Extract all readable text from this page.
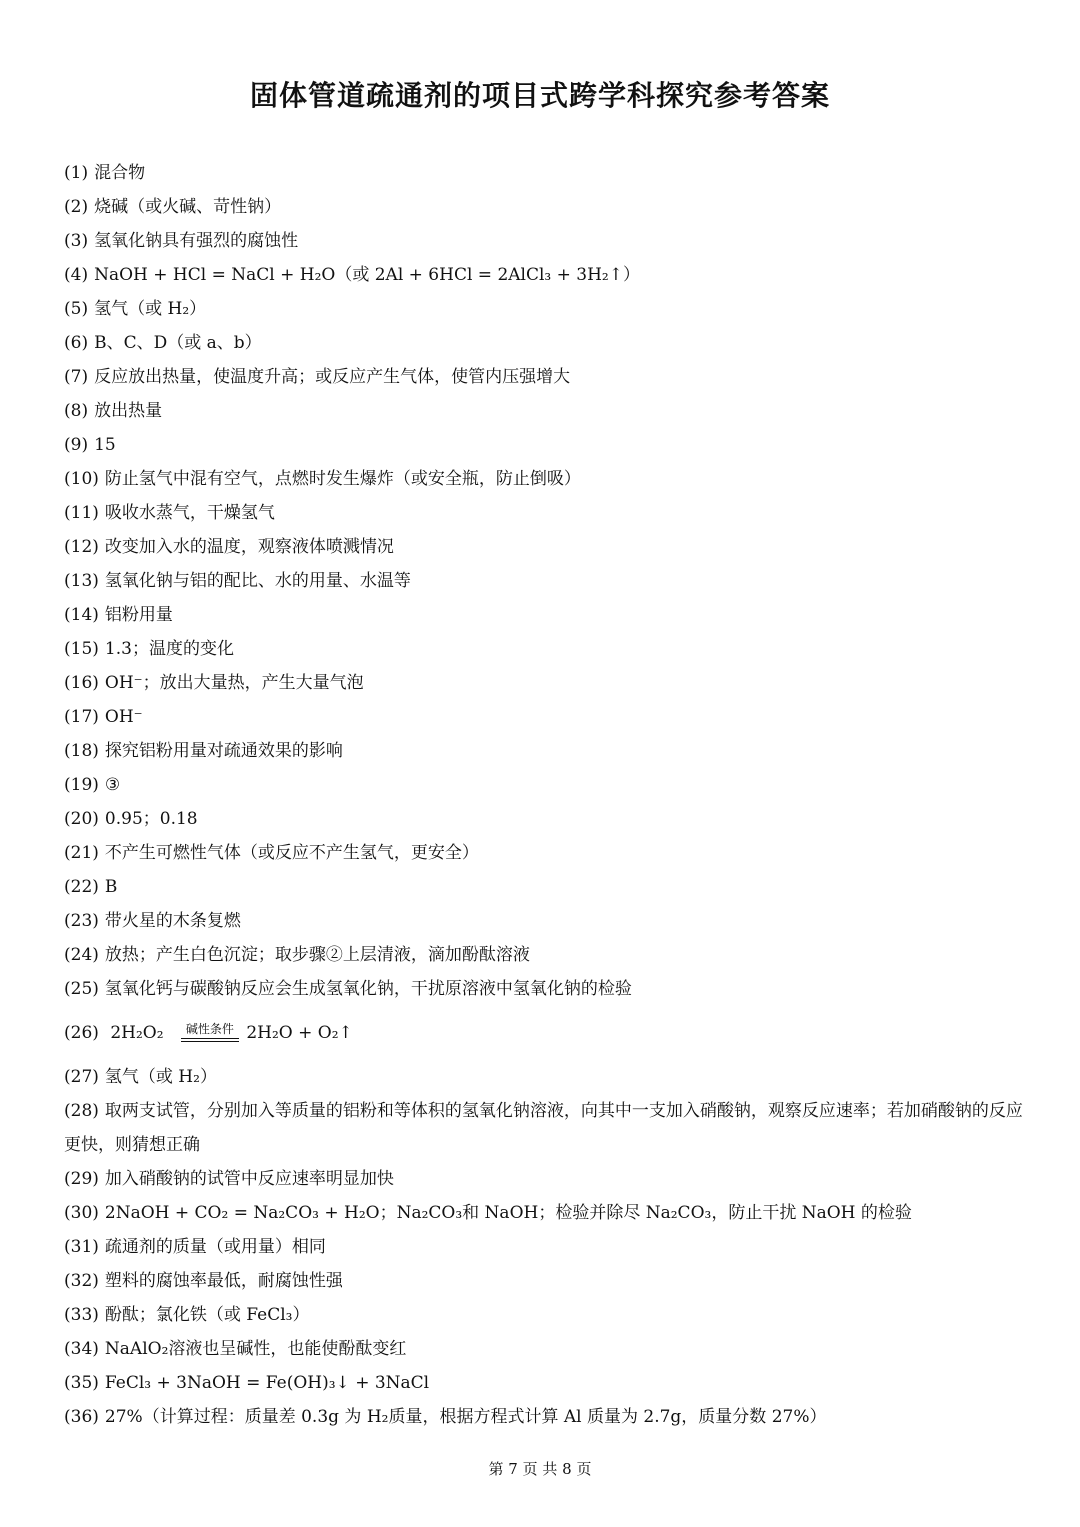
固体管道疏通剂的项目式跨学科探究参考答案
(1) 混合物
(2) 烧碱（或火碱、苛性钠）
(3) 氢氧化钠具有强烈的腐蚀性
(4) NaOH + HCl = NaCl + H₂O（或 2Al + 6HCl = 2AlCl₃ + 3H₂↑）
(5) 氢气（或 H₂）
(6) B、C、D（或 a、b）
(7) 反应放出热量，使温度升高；或反应产生气体，使管内压强增大
(8) 放出热量
(9) 15
(10) 防止氢气中混有空气，点燃时发生爆炸（或安全瓶，防止倒吸）
(11) 吸收水蒸气，干燥氢气
(12) 改变加入水的温度，观察液体喷溅情况
(13) 氢氧化钠与铝的配比、水的用量、水温等
(14) 铝粉用量
(15) 1.3；温度的变化
(16) OH⁻；放出大量热，产生大量气泡
(17) OH⁻
(18) 探究铝粉用量对疏通效果的影响
(19) ③
(20) 0.95；0.18
(21) 不产生可燃性气体（或反应不产生氢气，更安全）
(22) B
(23) 带火星的木条复燃
(24) 放热；产生白色沉淀；取步骤②上层清液，滴加酚酞溶液
(25) 氢氧化钙与碳酸钠反应会生成氢氧化钠，干扰原溶液中氢氧化钠的检验
(26) 2H₂O₂	碱性条件 2H₂O + O₂↑
(27) 氢气（或 H₂）
(28) 取两支试管，分别加入等质量的铝粉和等体积的氢氧化钠溶液，向其中一支加入硝酸钠，观察反应速率；若加硝酸钠的反应更快，则猜想正确
(29) 加入硝酸钠的试管中反应速率明显加快
(30) 2NaOH + CO₂ = Na₂CO₃ + H₂O；Na₂CO₃和 NaOH；检验并除尽 Na₂CO₃，防止干扰 NaOH 的检验
(31) 疏通剂的质量（或用量）相同
(32) 塑料的腐蚀率最低，耐腐蚀性强
(33) 酚酞；氯化铁（或 FeCl₃）
(34) NaAlO₂溶液也呈碱性，也能使酚酞变红
(35) FeCl₃ + 3NaOH = Fe(OH)₃↓ + 3NaCl
(36) 27%（计算过程：质量差 0.3g 为 H₂质量，根据方程式计算 Al 质量为 2.7g，质量分数 27%）
第 7 页 共 8 页
